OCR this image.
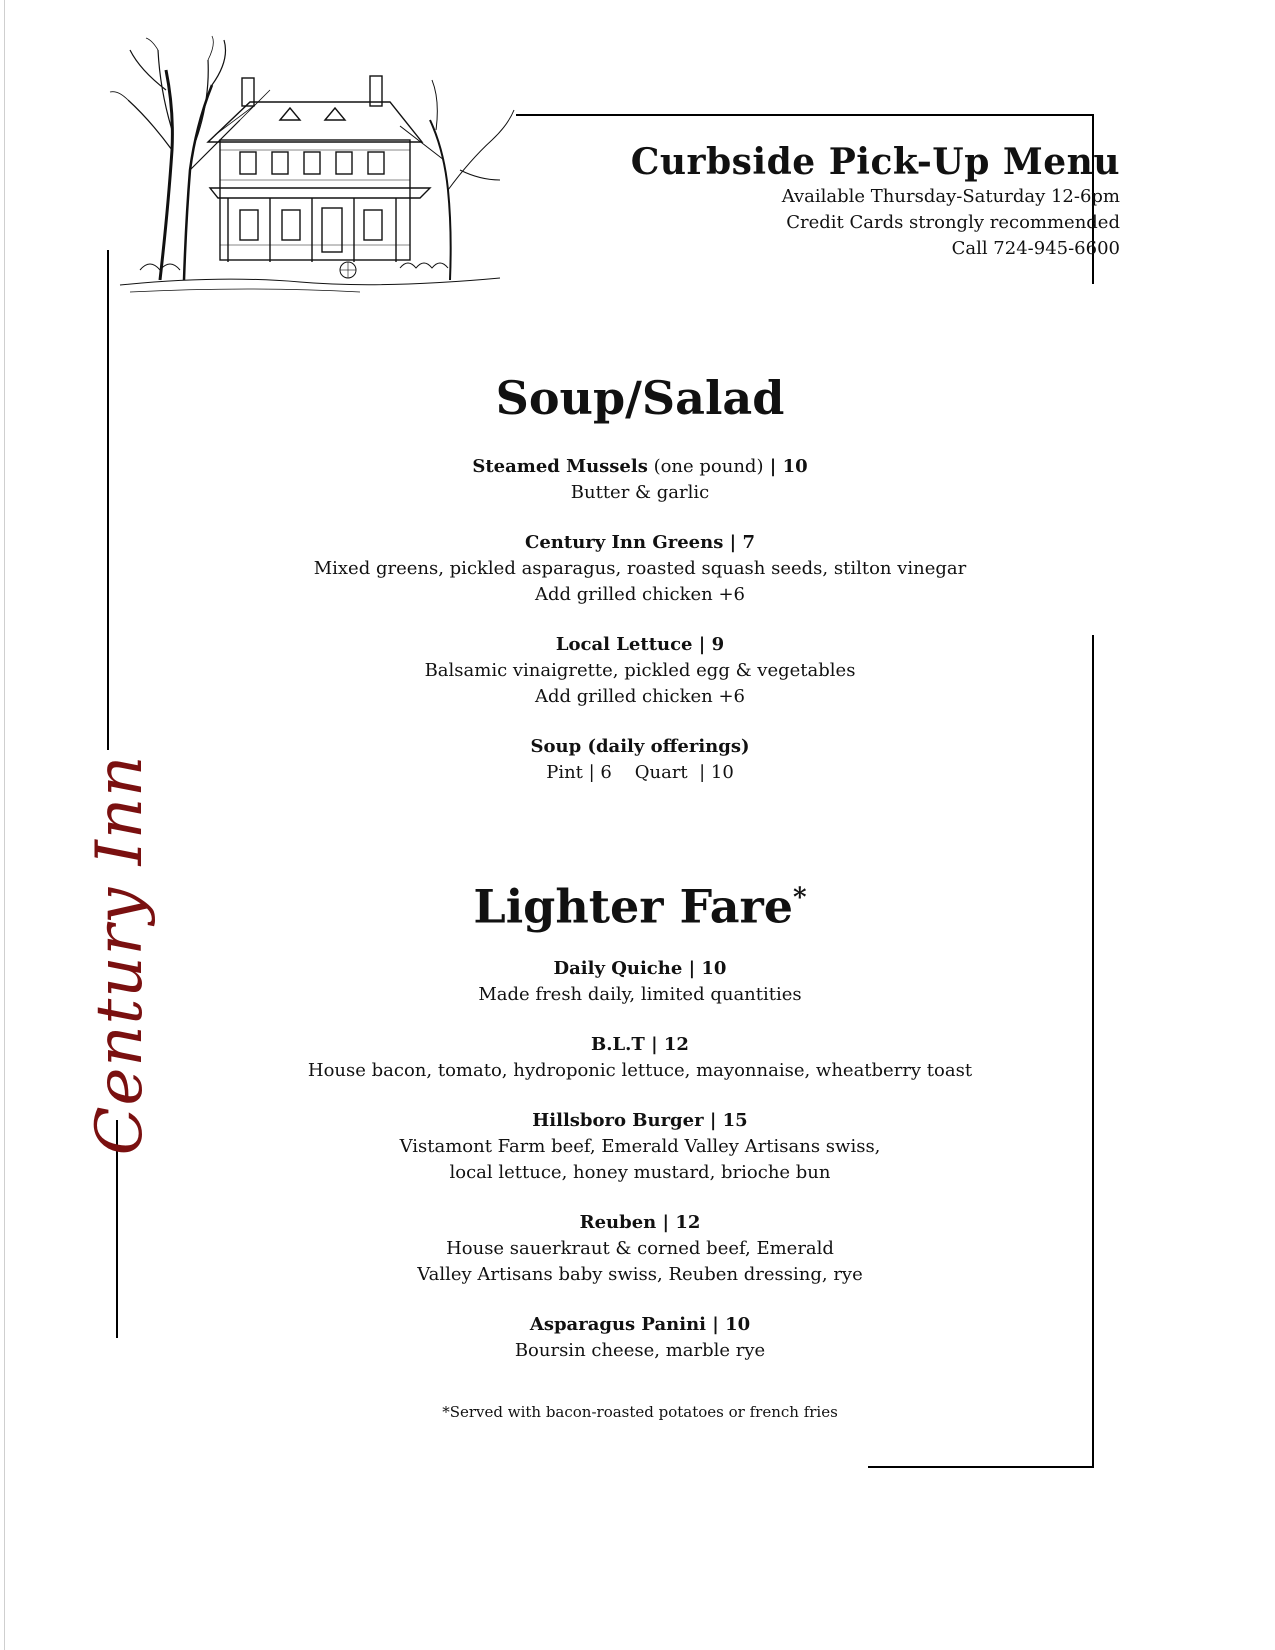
Curbside Pick-Up Menu
Available Thursday-Saturday 12-6pm
Credit Cards strongly recommended
Call 724-945-6600
Century Inn
Soup/Salad
Steamed Mussels (one pound) | 10
Butter & garlic
Century Inn Greens | 7
Mixed greens, pickled asparagus, roasted squash seeds, stilton vinegar
Add grilled chicken +6
Local Lettuce | 9
Balsamic vinaigrette, pickled egg & vegetables
Add grilled chicken +6
Soup (daily offerings)
Pint | 6    Quart  | 10
Lighter Fare*
Daily Quiche | 10
Made fresh daily, limited quantities
B.L.T | 12
House bacon, tomato, hydroponic lettuce, mayonnaise, wheatberry toast
Hillsboro Burger | 15
Vistamont Farm beef, Emerald Valley Artisans swiss,
local lettuce, honey mustard, brioche bun
Reuben | 12
House sauerkraut & corned beef, Emerald
Valley Artisans baby swiss, Reuben dressing, rye
Asparagus Panini | 10
Boursin cheese, marble rye
*Served with bacon-roasted potatoes or french fries
